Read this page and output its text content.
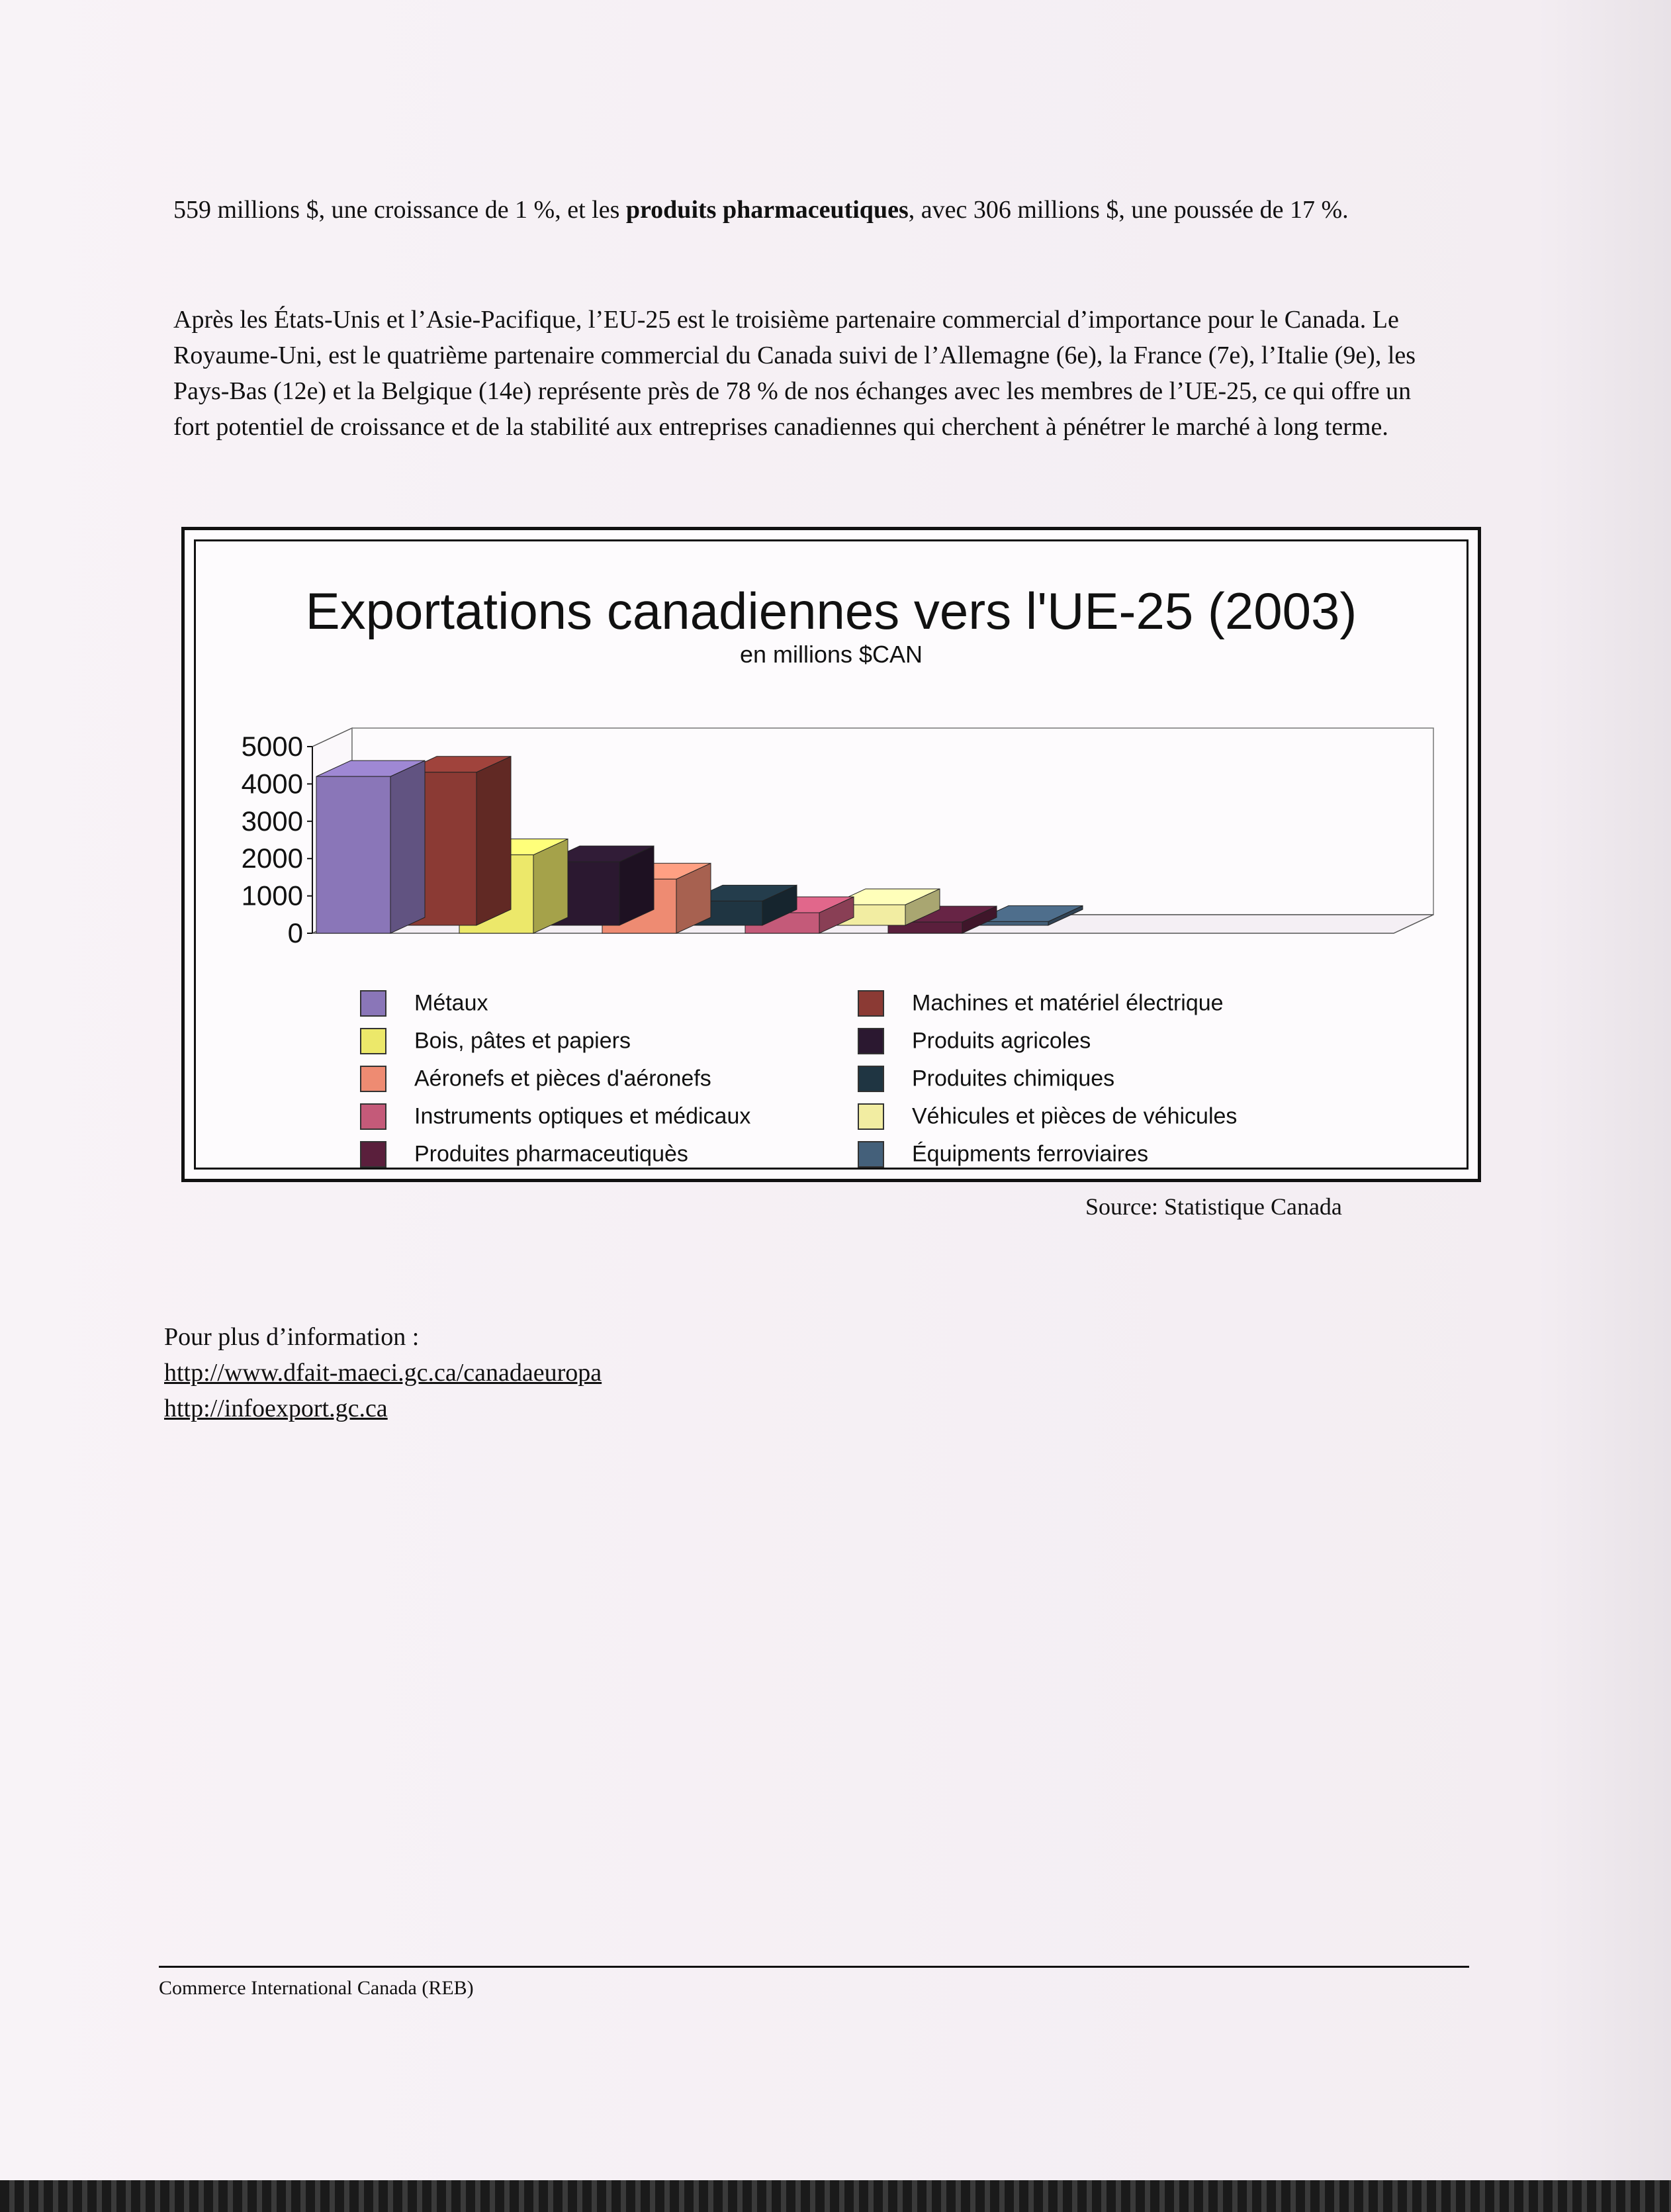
559 millions $, une croissance de 1 %, et les produits pharmaceutiques, avec 306 millions $, une poussée de 17 %.

Après les États-Unis et l’Asie-Pacifique, l’EU-25 est le troisième partenaire commercial d’importance pour le Canada. Le Royaume-Uni, est le quatrième partenaire commercial du Canada suivi de l’Allemagne (6e), la France (7e), l’Italie (9e), les Pays-Bas (12e) et la Belgique (14e) représente près de 78 % de nos échanges avec les membres de l’UE-25, ce qui offre un fort potentiel de croissance et de la stabilité aux entreprises canadiennes qui cherchent à pénétrer le marché à long terme.

Exportations canadiennes vers l'UE-25 (2003)
en millions $CAN
5000
4000
3000
2000
1000
0
Métaux
Bois, pâtes et papiers
Aéronefs et pièces d'aéronefs
Instruments optiques et médicaux
Produites pharmaceutiquès
Machines et matériel électrique
Produits agricoles
Produites chimiques
Véhicules et pièces de véhicules
Équipments ferroviaires
Source: Statistique Canada
Pour plus d’information :
http://www.dfait-maeci.gc.ca/canadaeuropa
http://infoexport.gc.ca
Commerce International Canada (REB)
